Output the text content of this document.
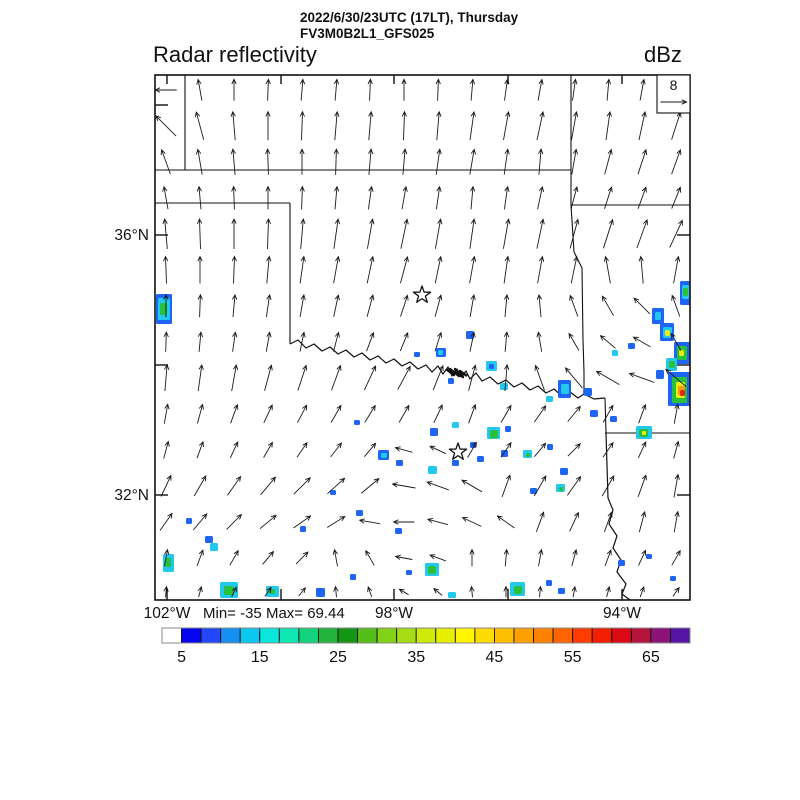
2022/6/30/23UTC (17LT), Thursday
FV3M0B2L1_GFS025
Radar reflectivity	dBz
Min= -35 Max= 69.44
36°N
32°N
102°W	98°W	94°W
8
5	15	25	35	45	55	65
